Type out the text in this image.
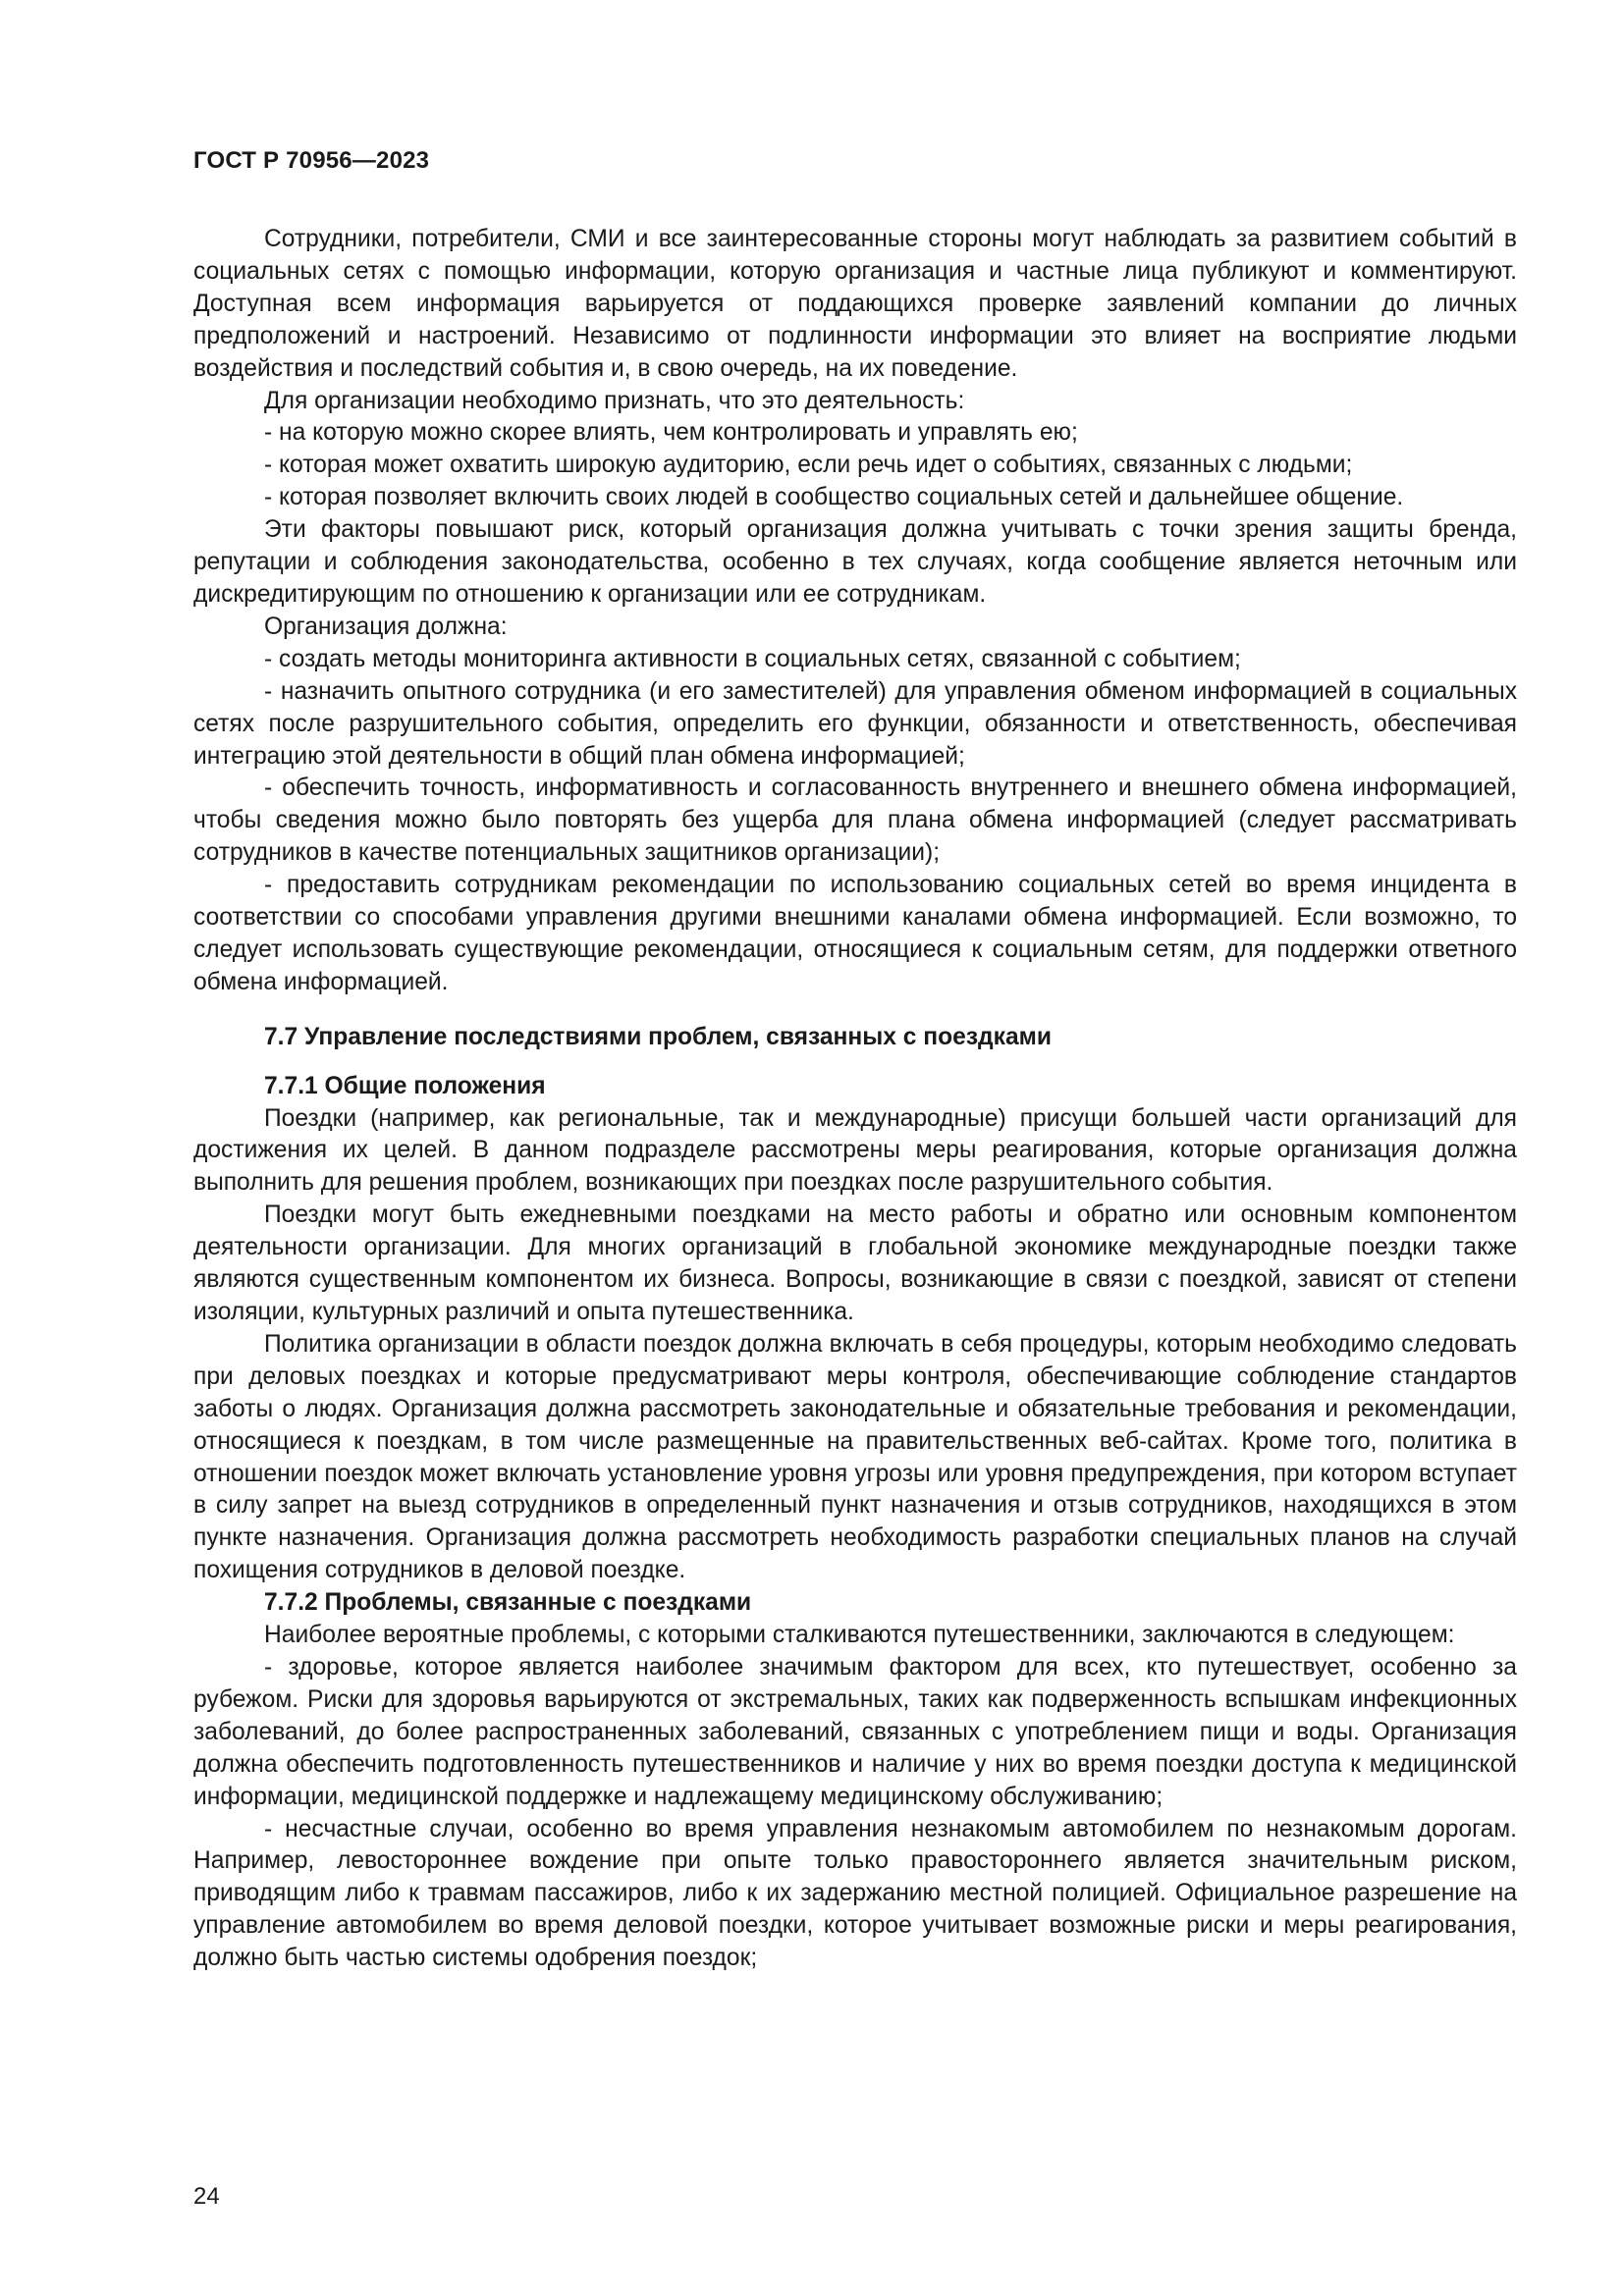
ГОСТ Р 70956—2023

Сотрудники, потребители, СМИ и все заинтересованные стороны могут наблюдать за развитием событий в социальных сетях с помощью информации, которую организация и частные лица публикуют и комментируют. Доступная всем информация варьируется от поддающихся проверке заявлений компании до личных предположений и настроений. Независимо от подлинности информации это влияет на восприятие людьми воздействия и последствий события и, в свою очередь, на их поведение.

Для организации необходимо признать, что это деятельность:

- на которую можно скорее влиять, чем контролировать и управлять ею;

- которая может охватить широкую аудиторию, если речь идет о событиях, связанных с людьми;

- которая позволяет включить своих людей в сообщество социальных сетей и дальнейшее общение.

Эти факторы повышают риск, который организация должна учитывать с точки зрения защиты бренда, репутации и соблюдения законодательства, особенно в тех случаях, когда сообщение является неточным или дискредитирующим по отношению к организации или ее сотрудникам.

Организация должна:

- создать методы мониторинга активности в социальных сетях, связанной с событием;

- назначить опытного сотрудника (и его заместителей) для управления обменом информацией в социальных сетях после разрушительного события, определить его функции, обязанности и ответственность, обеспечивая интеграцию этой деятельности в общий план обмена информацией;

- обеспечить точность, информативность и согласованность внутреннего и внешнего обмена информацией, чтобы сведения можно было повторять без ущерба для плана обмена информацией (следует рассматривать сотрудников в качестве потенциальных защитников организации);

- предоставить сотрудникам рекомендации по использованию социальных сетей во время инцидента в соответствии со способами управления другими внешними каналами обмена информацией. Если возможно, то следует использовать существующие рекомендации, относящиеся к социальным сетям, для поддержки ответного обмена информацией.

7.7 Управление последствиями проблем, связанных с поездками
7.7.1 Общие положения

Поездки (например, как региональные, так и международные) присущи большей части организаций для достижения их целей. В данном подразделе рассмотрены меры реагирования, которые организация должна выполнить для решения проблем, возникающих при поездках после разрушительного события.

Поездки могут быть ежедневными поездками на место работы и обратно или основным компонентом деятельности организации. Для многих организаций в глобальной экономике международные поездки также являются существенным компонентом их бизнеса. Вопросы, возникающие в связи с поездкой, зависят от степени изоляции, культурных различий и опыта путешественника.

Политика организации в области поездок должна включать в себя процедуры, которым необходимо следовать при деловых поездках и которые предусматривают меры контроля, обеспечивающие соблюдение стандартов заботы о людях. Организация должна рассмотреть законодательные и обязательные требования и рекомендации, относящиеся к поездкам, в том числе размещенные на правительственных веб-сайтах. Кроме того, политика в отношении поездок может включать установление уровня угрозы или уровня предупреждения, при котором вступает в силу запрет на выезд сотрудников в определенный пункт назначения и отзыв сотрудников, находящихся в этом пункте назначения. Организация должна рассмотреть необходимость разработки специальных планов на случай похищения сотрудников в деловой поездке.

7.7.2 Проблемы, связанные с поездками

Наиболее вероятные проблемы, с которыми сталкиваются путешественники, заключаются в следующем:

- здоровье, которое является наиболее значимым фактором для всех, кто путешествует, особенно за рубежом. Риски для здоровья варьируются от экстремальных, таких как подверженность вспышкам инфекционных заболеваний, до более распространенных заболеваний, связанных с употреблением пищи и воды. Организация должна обеспечить подготовленность путешественников и наличие у них во время поездки доступа к медицинской информации, медицинской поддержке и надлежащему медицинскому обслуживанию;

- несчастные случаи, особенно во время управления незнакомым автомобилем по незнакомым дорогам. Например, левостороннее вождение при опыте только правостороннего является значительным риском, приводящим либо к травмам пассажиров, либо к их задержанию местной полицией. Официальное разрешение на управление автомобилем во время деловой поездки, которое учитывает возможные риски и меры реагирования, должно быть частью системы одобрения поездок;

24
